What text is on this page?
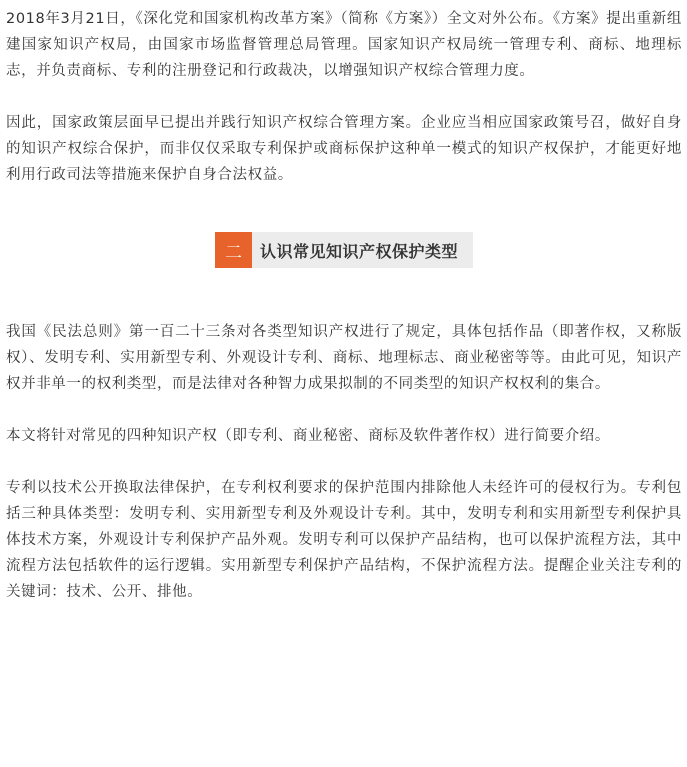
2018年3月21日，《深化党和国家机构改革方案》（简称《方案》）全文对外公布。《方案》提出重新组建国家知识产权局，由国家市场监督管理总局管理。国家知识产权局统一管理专利、商标、地理标志，并负责商标、专利的注册登记和行政裁决，以增强知识产权综合管理力度。

因此，国家政策层面早已提出并践行知识产权综合管理方案。企业应当相应国家政策号召，做好自身的知识产权综合保护，而非仅仅采取专利保护或商标保护这种单一模式的知识产权保护，才能更好地利用行政司法等措施来保护自身合法权益。

二	认识常见知识产权保护类型

我国《民法总则》第一百二十三条对各类型知识产权进行了规定，具体包括作品（即著作权，又称版权）、发明专利、实用新型专利、外观设计专利、商标、地理标志、商业秘密等等。由此可见，知识产权并非单一的权利类型，而是法律对各种智力成果拟制的不同类型的知识产权权利的集合。

本文将针对常见的四种知识产权（即专利、商业秘密、商标及软件著作权）进行简要介绍。

专利以技术公开换取法律保护，在专利权利要求的保护范围内排除他人未经许可的侵权行为。专利包括三种具体类型：发明专利、实用新型专利及外观设计专利。其中，发明专利和实用新型专利保护具体技术方案，外观设计专利保护产品外观。发明专利可以保护产品结构，也可以保护流程方法，其中流程方法包括软件的运行逻辑。实用新型专利保护产品结构，不保护流程方法。提醒企业关注专利的关键词：技术、公开、排他。
